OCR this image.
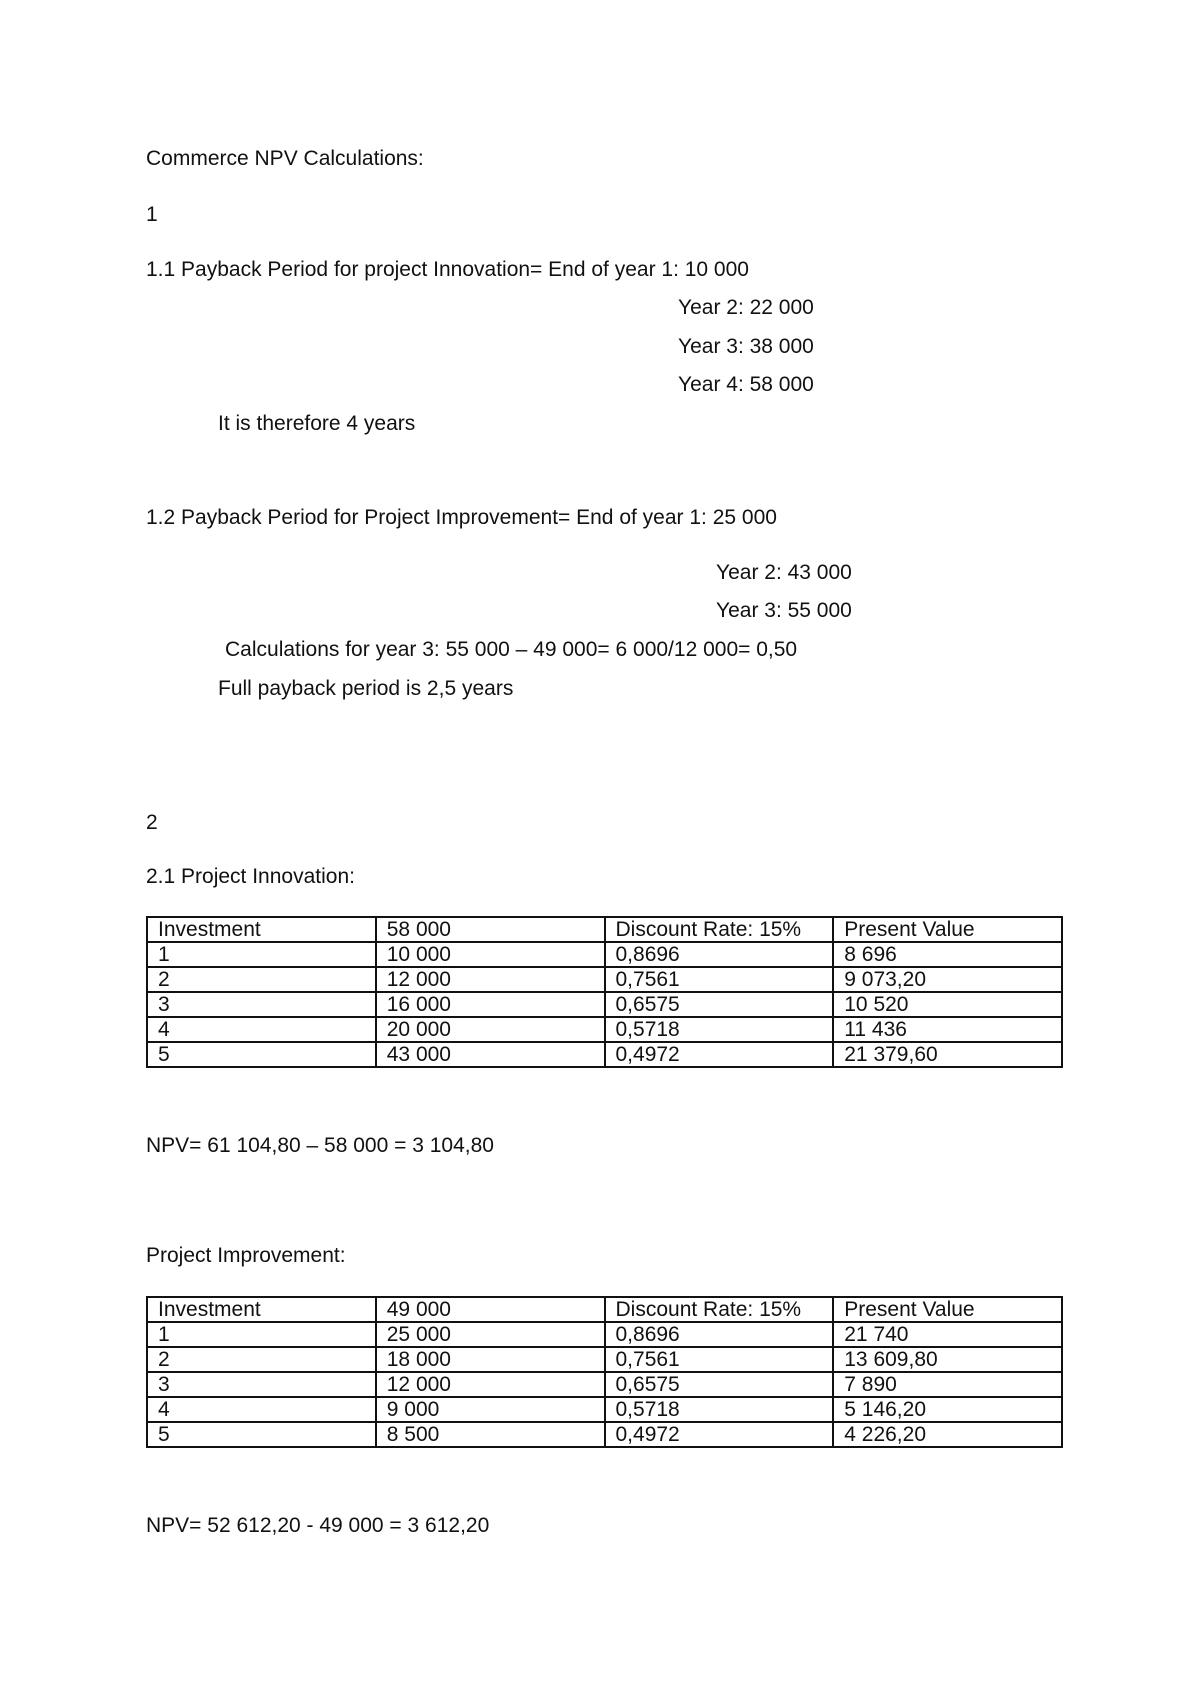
Commerce NPV Calculations:
1
1.1 Payback Period for project Innovation= End of year 1: 10 000
Year 2: 22 000
Year 3: 38 000
Year 4: 58 000
It is therefore 4 years
1.2 Payback Period for Project Improvement= End of year 1: 25 000
Year 2: 43 000
Year 3: 55 000
Calculations for year 3: 55 000 – 49 000= 6 000/12 000= 0,50
Full payback period is 2,5 years
2
2.1 Project Innovation:
Investment	58 000	Discount Rate: 15%	Present Value
1	10 000	0,8696	8 696
2	12 000	0,7561	9 073,20
3	16 000	0,6575	10 520
4	20 000	0,5718	11 436
5	43 000	0,4972	21 379,60
NPV= 61 104,80 – 58 000 = 3 104,80
Project Improvement:
Investment	49 000	Discount Rate: 15%	Present Value
1	25 000	0,8696	21 740
2	18 000	0,7561	13 609,80
3	12 000	0,6575	7 890
4	9 000	0,5718	5 146,20
5	8 500	0,4972	4 226,20
NPV= 52 612,20 - 49 000 = 3 612,20
